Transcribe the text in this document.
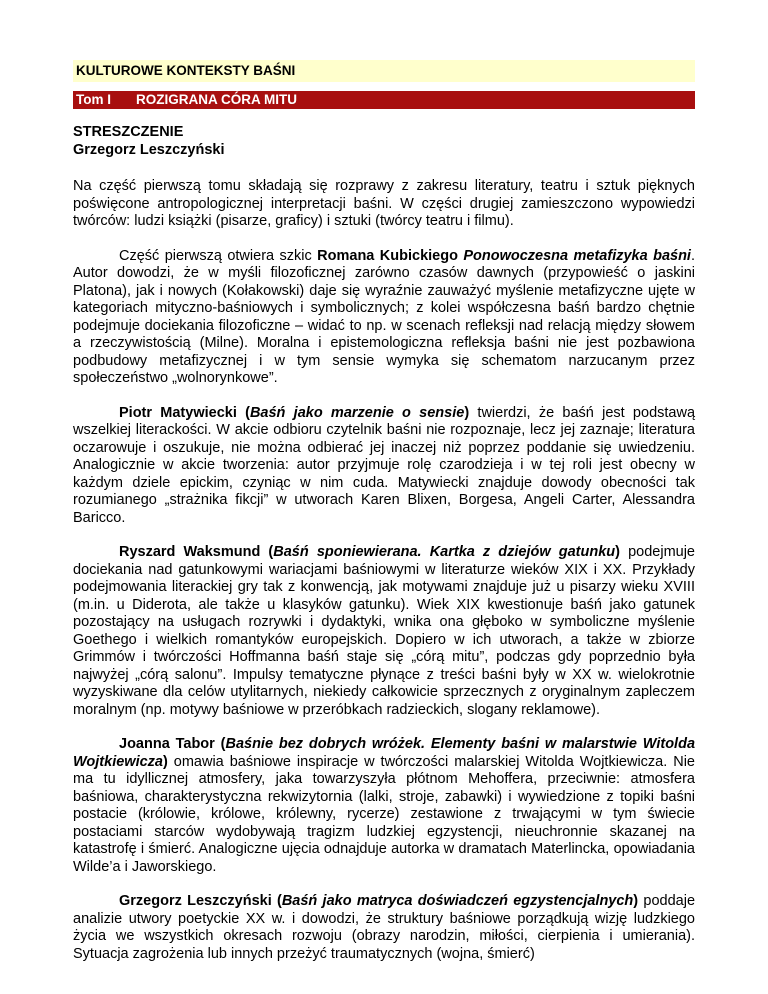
KULTUROWE KONTEKSTY BAŚNI
Tom I	ROZIGRANA CÓRA MITU
STRESZCZENIE
Grzegorz Leszczyński

Na część pierwszą tomu składają się rozprawy z zakresu literatury, teatru i sztuk pięknych poświęcone antropologicznej interpretacji baśni. W części drugiej zamieszczono wypowiedzi twórców: ludzi książki (pisarze, graficy) i sztuki (twórcy teatru i filmu).

Część pierwszą otwiera szkic Romana Kubickiego Ponowoczesna metafizyka baśni. Autor dowodzi, że w myśli filozoficznej zarówno czasów dawnych (przypowieść o jaskini Platona), jak i nowych (Kołakowski) daje się wyraźnie zauważyć myślenie metafizyczne ujęte w kategoriach mityczno-baśniowych i symbolicznych; z kolei współczesna baśń bardzo chętnie podejmuje dociekania filozoficzne – widać to np. w scenach refleksji nad relacją między słowem a rzeczywistością (Milne). Moralna i epistemologiczna refleksja baśni nie jest pozbawiona podbudowy metafizycznej i w tym sensie wymyka się schematom narzucanym przez społeczeństwo „wolnorynkowe”.

Piotr Matywiecki (Baśń jako marzenie o sensie) twierdzi, że baśń jest podstawą wszelkiej literackości. W akcie odbioru czytelnik baśni nie rozpoznaje, lecz jej zaznaje; literatura oczarowuje i oszukuje, nie można odbierać jej inaczej niż poprzez poddanie się uwiedzeniu. Analogicznie w akcie tworzenia: autor przyjmuje rolę czarodzieja i w tej roli jest obecny w każdym dziele epickim, czyniąc w nim cuda. Matywiecki znajduje dowody obecności tak rozumianego „strażnika fikcji” w utworach Karen Blixen, Borgesa, Angeli Carter, Alessandra Baricco.

Ryszard Waksmund (Baśń sponiewierana. Kartka z dziejów gatunku) podejmuje dociekania nad gatunkowymi wariacjami baśniowymi w literaturze wieków XIX i XX. Przykłady podejmowania literackiej gry tak z konwencją, jak motywami znajduje już u pisarzy wieku XVIII (m.in. u Diderota, ale także u klasyków gatunku). Wiek XIX kwestionuje baśń jako gatunek pozostający na usługach rozrywki i dydaktyki, wnika ona głęboko w symboliczne myślenie Goethego i wielkich romantyków europejskich. Dopiero w ich utworach, a także w zbiorze Grimmów i twórczości Hoffmanna baśń staje się „córą mitu”, podczas gdy poprzednio była najwyżej „córą salonu”. Impulsy tematyczne płynące z treści baśni były w XX w. wielokrotnie wyzyskiwane dla celów utylitarnych, niekiedy całkowicie sprzecznych z oryginalnym zapleczem moralnym (np. motywy baśniowe w przeróbkach radzieckich, slogany reklamowe).

Joanna Tabor (Baśnie bez dobrych wróżek. Elementy baśni w malarstwie Witolda Wojtkiewicza) omawia baśniowe inspiracje w twórczości malarskiej Witolda Wojtkiewicza. Nie ma tu idyllicznej atmosfery, jaka towarzyszyła płótnom Mehoffera, przeciwnie: atmosfera baśniowa, charakterystyczna rekwizytornia (lalki, stroje, zabawki) i wywiedzione z topiki baśni postacie (królowie, królowe, królewny, rycerze) zestawione z trwającymi w tym świecie postaciami starców wydobywają tragizm ludzkiej egzystencji, nieuchronnie skazanej na katastrofę i śmierć. Analogiczne ujęcia odnajduje autorka w dramatach Materlincka, opowiadania Wilde’a i Jaworskiego.

Grzegorz Leszczyński (Baśń jako matryca doświadczeń egzystencjalnych) poddaje analizie utwory poetyckie XX w. i dowodzi, że struktury baśniowe porządkują wizję ludzkiego życia we wszystkich okresach rozwoju (obrazy narodzin, miłości, cierpienia i umierania). Sytuacja zagrożenia lub innych przeżyć traumatycznych (wojna, śmierć)
